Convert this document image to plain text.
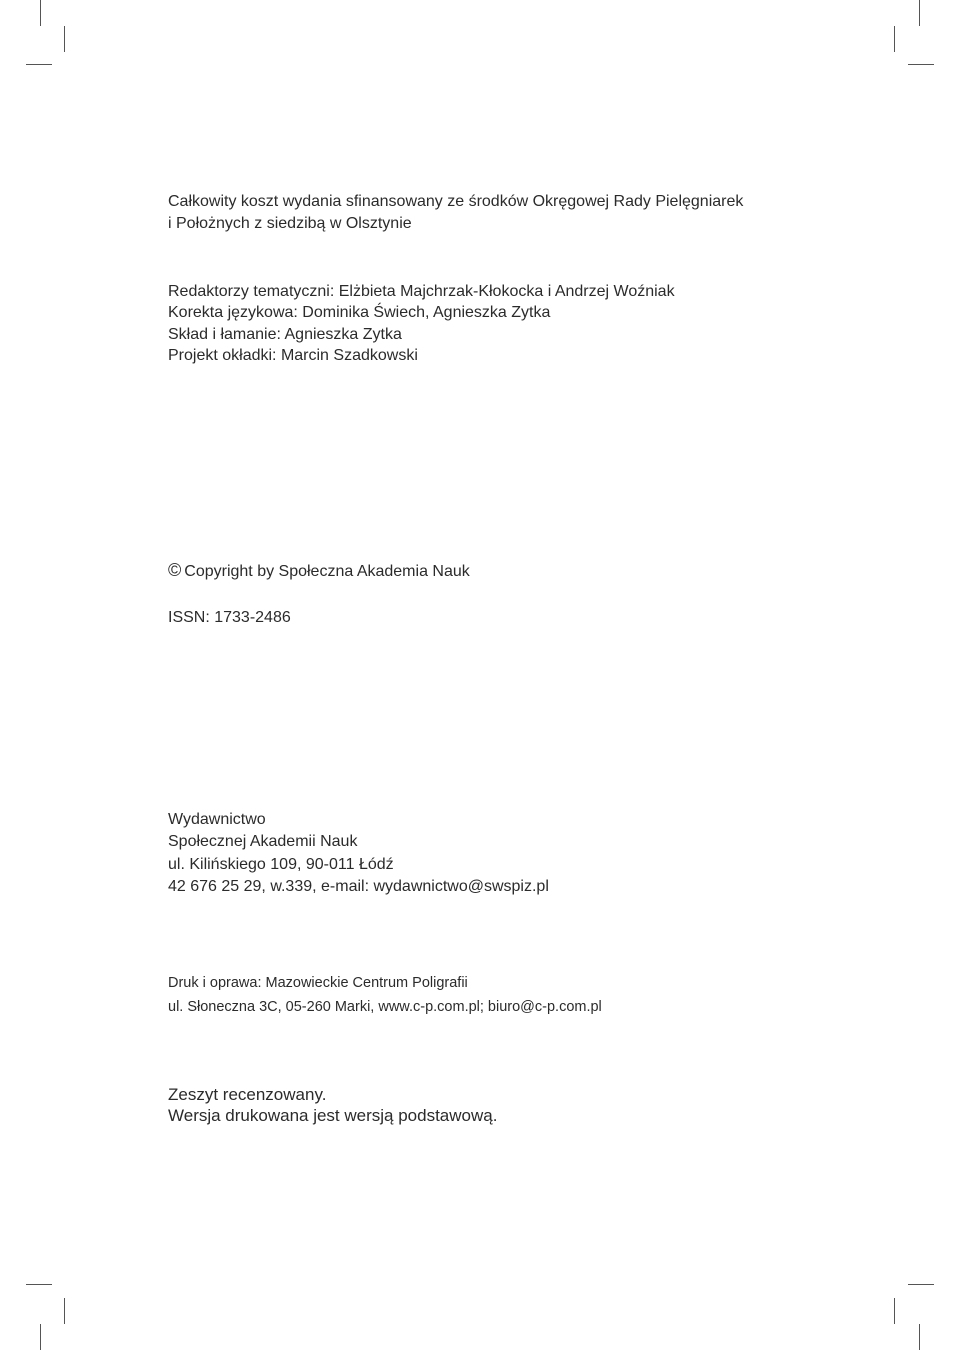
Całkowity koszt wydania sfinansowany ze środków Okręgowej Rady Pielęgniarek
i Położnych z siedzibą w Olsztynie
Redaktorzy tematyczni: Elżbieta Majchrzak-Kłokocka i Andrzej Woźniak
Korekta językowa: Dominika Świech, Agnieszka Zytka
Skład i łamanie: Agnieszka Zytka
Projekt okładki: Marcin Szadkowski
© Copyright by Społeczna Akademia Nauk
ISSN: 1733-2486
Wydawnictwo
Społecznej Akademii Nauk
ul. Kilińskiego 109, 90-011 Łódź
42 676 25 29, w.339, e-mail: wydawnictwo@swspiz.pl
Druk i oprawa: Mazowieckie Centrum Poligrafii
ul. Słoneczna 3C, 05-260 Marki, www.c-p.com.pl; biuro@c-p.com.pl
Zeszyt recenzowany.
Wersja drukowana jest wersją podstawową.
